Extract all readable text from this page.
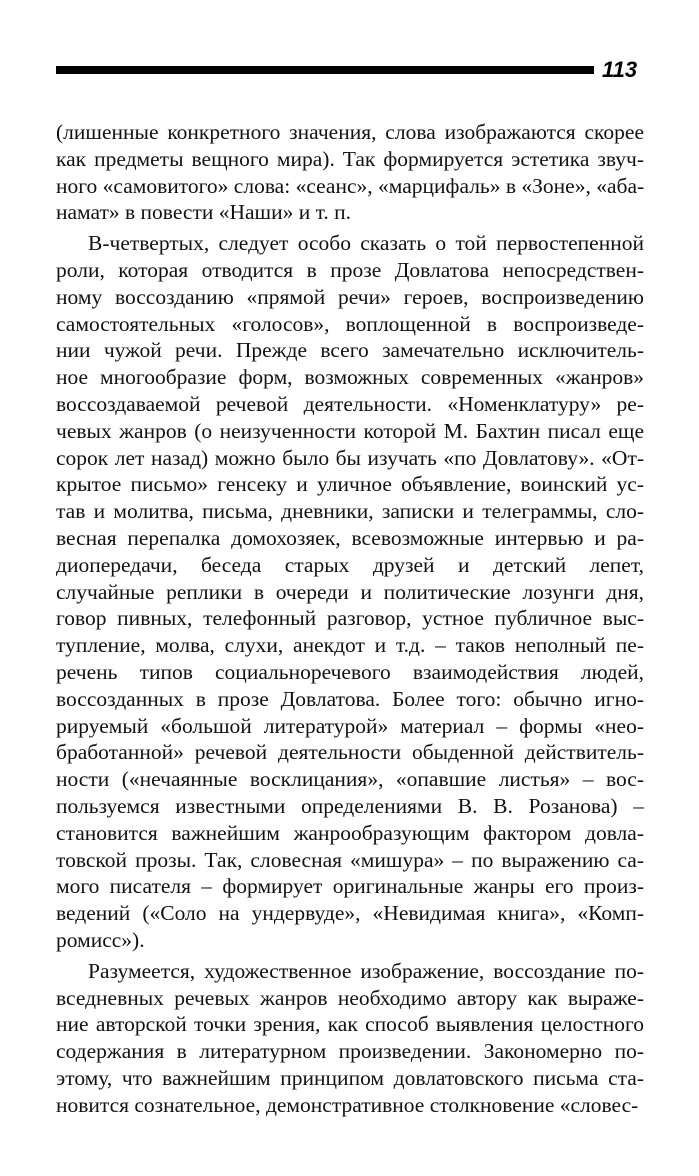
113
(лишенные конкретного значения, слова изображаются скорее
как предметы вещного мира). Так формируется эстетика звуч-
ного «самовитого» слова: «сеанс», «марцифаль» в «Зоне», «аба-
намат» в повести «Наши» и т. п.
В-четвертых, следует особо сказать о той первостепенной
роли, которая отводится в прозе Довлатова непосредствен-
ному воссозданию «прямой речи» героев, воспроизведению
самостоятельных «голосов», воплощенной в воспроизведе-
нии чужой речи. Прежде всего замечательно исключитель-
ное многообразие форм, возможных современных «жанров»
воссоздаваемой речевой деятельности. «Номенклатуру» ре-
чевых жанров (о неизученности которой М. Бахтин писал еще
сорок лет назад) можно было бы изучать «по Довлатову». «От-
крытое письмо» генсеку и уличное объявление, воинский ус-
тав и молитва, письма, дневники, записки и телеграммы, сло-
весная перепалка домохозяек, всевозможные интервью и ра-
диопередачи, беседа старых друзей и детский лепет,
случайные реплики в очереди и политические лозунги дня,
говор пивных, телефонный разговор, устное публичное выс-
тупление, молва, слухи, анекдот и т.д. – таков неполный пе-
речень типов социальноречевого взаимодействия людей,
воссозданных в прозе Довлатова. Более того: обычно игно-
рируемый «большой литературой» материал – формы «нео-
бработанной» речевой деятельности обыденной действитель-
ности («нечаянные восклицания», «опавшие листья» – вос-
пользуемся известными определениями В. В. Розанова) –
становится важнейшим жанрообразующим фактором довла-
товской прозы. Так, словесная «мишура» – по выражению са-
мого писателя – формирует оригинальные жанры его произ-
ведений («Соло на ундервуде», «Невидимая книга», «Комп-
ромисс»).
Разумеется, художественное изображение, воссоздание по-
вседневных речевых жанров необходимо автору как выраже-
ние авторской точки зрения, как способ выявления целостного
содержания в литературном произведении. Закономерно по-
этому, что важнейшим принципом довлатовского письма ста-
новится сознательное, демонстративное столкновение «словес-
